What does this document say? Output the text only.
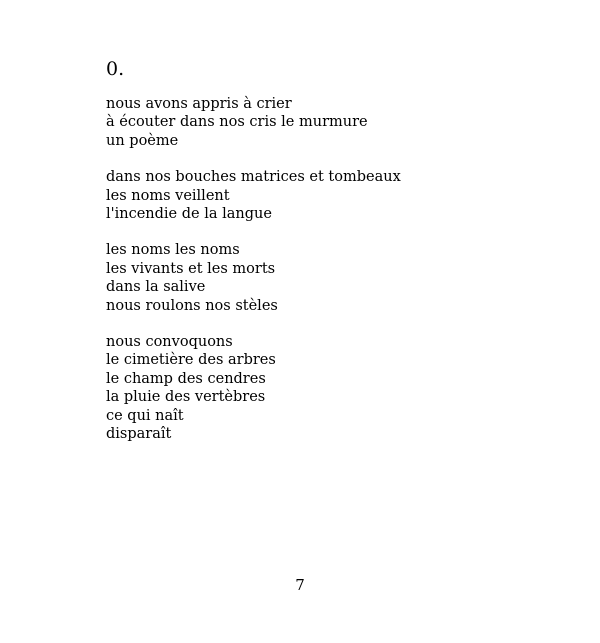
0.
nous avons appris à crier
à écouter dans nos cris le murmure
un poème
dans nos bouches matrices et tombeaux
les noms veillent
l'incendie de la langue
les noms les noms
les vivants et les morts
dans la salive
nous roulons nos stèles
nous convoquons
le cimetière des arbres
le champ des cendres
la pluie des vertèbres
ce qui naît
disparaît

7
